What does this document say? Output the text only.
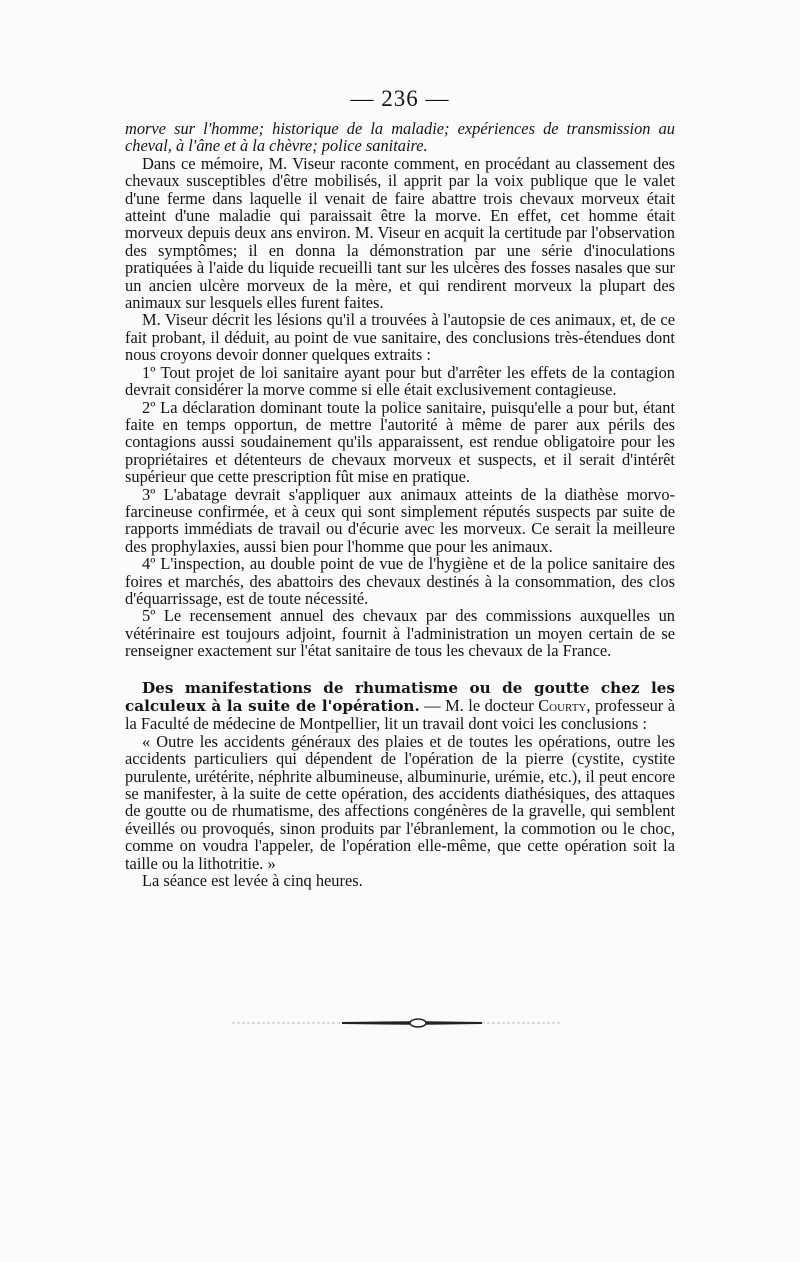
— 236 —

morve sur l'homme; historique de la maladie; expériences de transmission au cheval, à l'âne et à la chèvre; police sanitaire.

Dans ce mémoire, M. Viseur raconte comment, en procédant au classement des chevaux susceptibles d'être mobilisés, il apprit par la voix publique que le valet d'une ferme dans laquelle il venait de faire abattre trois chevaux morveux était atteint d'une maladie qui paraissait être la morve. En effet, cet homme était morveux depuis deux ans environ. M. Viseur en acquit la certitude par l'observation des symptômes; il en donna la démonstration par une série d'inoculations pratiquées à l'aide du liquide recueilli tant sur les ulcères des fosses nasales que sur un ancien ulcère morveux de la mère, et qui rendirent morveux la plupart des animaux sur lesquels elles furent faites.

M. Viseur décrit les lésions qu'il a trouvées à l'autopsie de ces animaux, et, de ce fait probant, il déduit, au point de vue sanitaire, des conclusions très-étendues dont nous croyons devoir donner quelques extraits :

1º Tout projet de loi sanitaire ayant pour but d'arrêter les effets de la contagion devrait considérer la morve comme si elle était exclusivement contagieuse.

2º La déclaration dominant toute la police sanitaire, puisqu'elle a pour but, étant faite en temps opportun, de mettre l'autorité à même de parer aux périls des contagions aussi soudainement qu'ils apparaissent, est rendue obligatoire pour les propriétaires et détenteurs de chevaux morveux et suspects, et il serait d'intérêt supérieur que cette prescription fût mise en pratique.

3º L'abatage devrait s'appliquer aux animaux atteints de la diathèse morvo-farcineuse confirmée, et à ceux qui sont simplement réputés suspects par suite de rapports immédiats de travail ou d'écurie avec les morveux. Ce serait la meilleure des prophylaxies, aussi bien pour l'homme que pour les animaux.

4º L'inspection, au double point de vue de l'hygiène et de la police sanitaire des foires et marchés, des abattoirs des chevaux destinés à la consommation, des clos d'équarrissage, est de toute nécessité.

5º Le recensement annuel des chevaux par des commissions auxquelles un vétérinaire est toujours adjoint, fournit à l'administration un moyen certain de se renseigner exactement sur l'état sanitaire de tous les chevaux de la France.

Des manifestations de rhumatisme ou de goutte chez les calculeux à la suite de l'opération. — M. le docteur Courty, professeur à la Faculté de médecine de Montpellier, lit un travail dont voici les conclusions :

« Outre les accidents généraux des plaies et de toutes les opérations, outre les accidents particuliers qui dépendent de l'opération de la pierre (cystite, cystite purulente, urétérite, néphrite albumineuse, albuminurie, urémie, etc.), il peut encore se manifester, à la suite de cette opération, des accidents diathésiques, des attaques de goutte ou de rhumatisme, des affections congénères de la gravelle, qui semblent éveillés ou provoqués, sinon produits par l'ébranlement, la commotion ou le choc, comme on voudra l'appeler, de l'opération elle-même, que cette opération soit la taille ou la lithotritie. »

La séance est levée à cinq heures.
